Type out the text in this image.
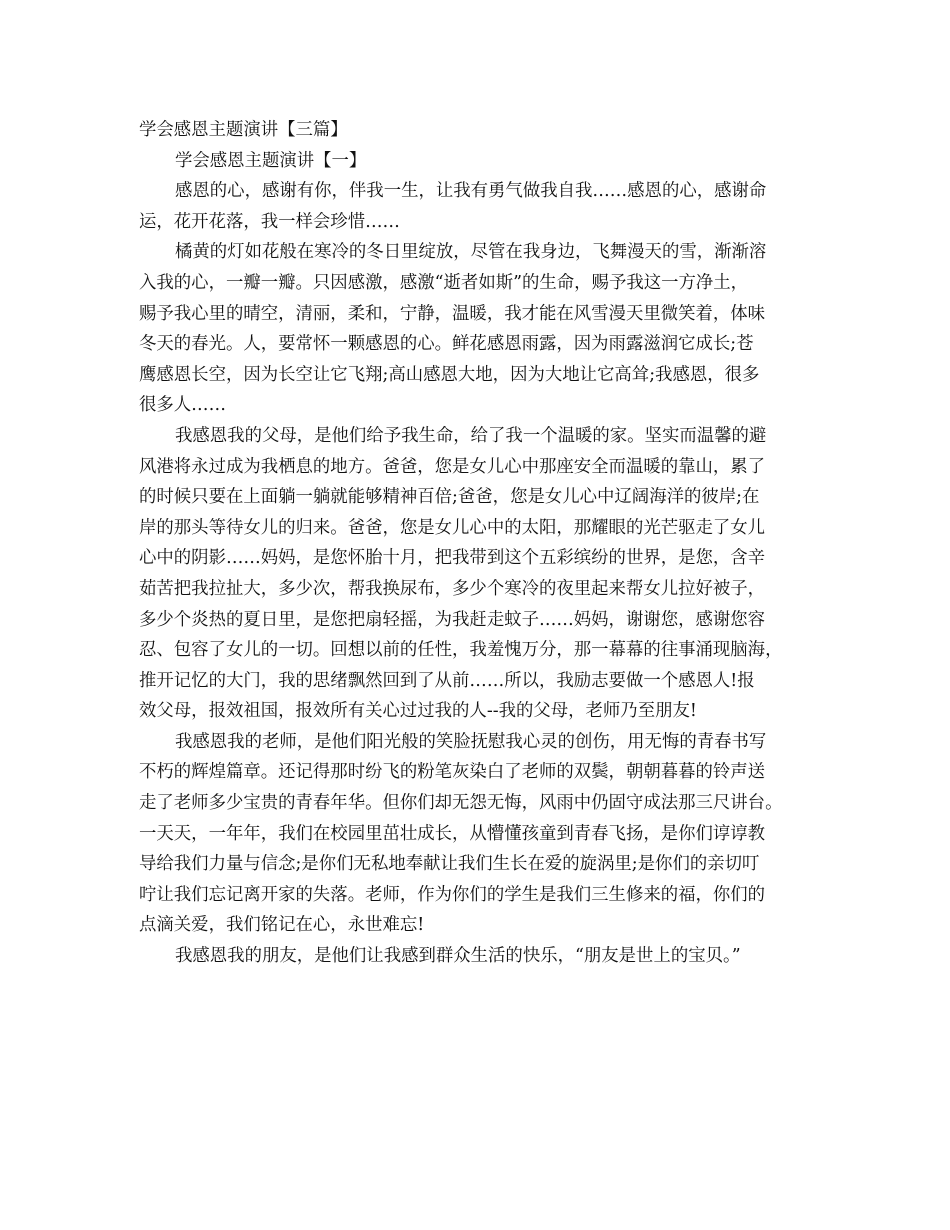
学会感恩主题演讲【三篇】
学会感恩主题演讲【一】
感恩的心，感谢有你，伴我一生，让我有勇气做我自我……感恩的心，感谢命
运，花开花落，我一样会珍惜……
橘黄的灯如花般在寒冷的冬日里绽放，尽管在我身边，飞舞漫天的雪，渐渐溶
入我的心，一瓣一瓣。只因感激，感激“逝者如斯”的生命，赐予我这一方净土，
赐予我心里的晴空，清丽，柔和，宁静，温暖，我才能在风雪漫天里微笑着，体味
冬天的春光。人，要常怀一颗感恩的心。鲜花感恩雨露，因为雨露滋润它成长;苍
鹰感恩长空，因为长空让它飞翔;高山感恩大地，因为大地让它高耸;我感恩，很多
很多人……
我感恩我的父母，是他们给予我生命，给了我一个温暖的家。坚实而温馨的避
风港将永过成为我栖息的地方。爸爸，您是女儿心中那座安全而温暖的靠山，累了
的时候只要在上面躺一躺就能够精神百倍;爸爸，您是女儿心中辽阔海洋的彼岸;在
岸的那头等待女儿的归来。爸爸，您是女儿心中的太阳，那耀眼的光芒驱走了女儿
心中的阴影……妈妈，是您怀胎十月，把我带到这个五彩缤纷的世界，是您，含辛
茹苦把我拉扯大，多少次，帮我换尿布，多少个寒冷的夜里起来帮女儿拉好被子，
多少个炎热的夏日里，是您把扇轻摇，为我赶走蚊子……妈妈，谢谢您，感谢您容
忍、包容了女儿的一切。回想以前的任性，我羞愧万分，那一幕幕的往事涌现脑海，
推开记忆的大门，我的思绪飘然回到了从前……所以，我励志要做一个感恩人!报
效父母，报效祖国，报效所有关心过过我的人--我的父母，老师乃至朋友!
我感恩我的老师，是他们阳光般的笑脸抚慰我心灵的创伤，用无悔的青春书写
不朽的辉煌篇章。还记得那时纷飞的粉笔灰染白了老师的双鬓，朝朝暮暮的铃声送
走了老师多少宝贵的青春年华。但你们却无怨无悔，风雨中仍固守成法那三尺讲台。
一天天，一年年，我们在校园里茁壮成长，从懵懂孩童到青春飞扬，是你们谆谆教
导给我们力量与信念;是你们无私地奉献让我们生长在爱的旋涡里;是你们的亲切叮
咛让我们忘记离开家的失落。老师，作为你们的学生是我们三生修来的福，你们的
点滴关爱，我们铭记在心，永世难忘!
我感恩我的朋友，是他们让我感到群众生活的快乐，“朋友是世上的宝贝。”
